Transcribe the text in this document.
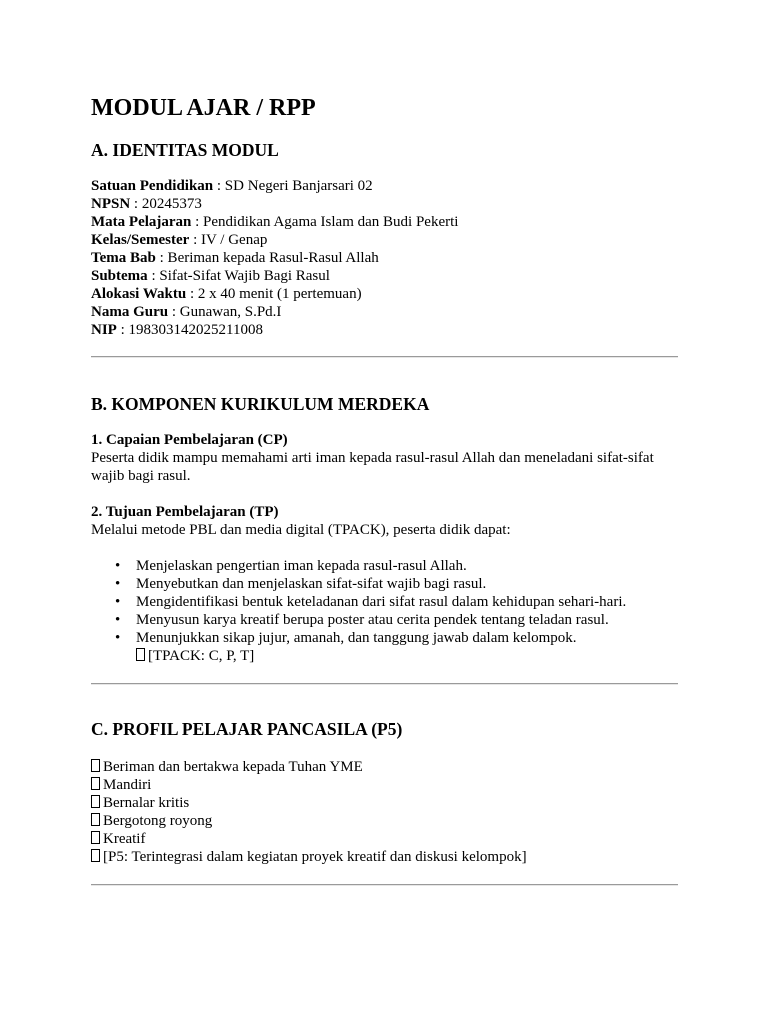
MODUL AJAR / RPP
A. IDENTITAS MODUL
Satuan Pendidikan : SD Negeri Banjarsari 02
NPSN : 20245373
Mata Pelajaran : Pendidikan Agama Islam dan Budi Pekerti
Kelas/Semester : IV / Genap
Tema Bab : Beriman kepada Rasul-Rasul Allah
Subtema : Sifat-Sifat Wajib Bagi Rasul
Alokasi Waktu : 2 x 40 menit (1 pertemuan)
Nama Guru : Gunawan, S.Pd.I
NIP : 198303142025211008
B. KOMPONEN KURIKULUM MERDEKA
1. Capaian Pembelajaran (CP)
Peserta didik mampu memahami arti iman kepada rasul-rasul Allah dan meneladani sifat-sifat
wajib bagi rasul.
2. Tujuan Pembelajaran (TP)
Melalui metode PBL dan media digital (TPACK), peserta didik dapat:
• Menjelaskan pengertian iman kepada rasul-rasul Allah.
• Menyebutkan dan menjelaskan sifat-sifat wajib bagi rasul.
• Mengidentifikasi bentuk keteladanan dari sifat rasul dalam kehidupan sehari-hari.
• Menyusun karya kreatif berupa poster atau cerita pendek tentang teladan rasul.
• Menunjukkan sikap jujur, amanah, dan tanggung jawab dalam kelompok.
[TPACK: C, P, T]
C. PROFIL PELAJAR PANCASILA (P5)
Beriman dan bertakwa kepada Tuhan YME
Mandiri
Bernalar kritis
Bergotong royong
Kreatif
[P5: Terintegrasi dalam kegiatan proyek kreatif dan diskusi kelompok]
